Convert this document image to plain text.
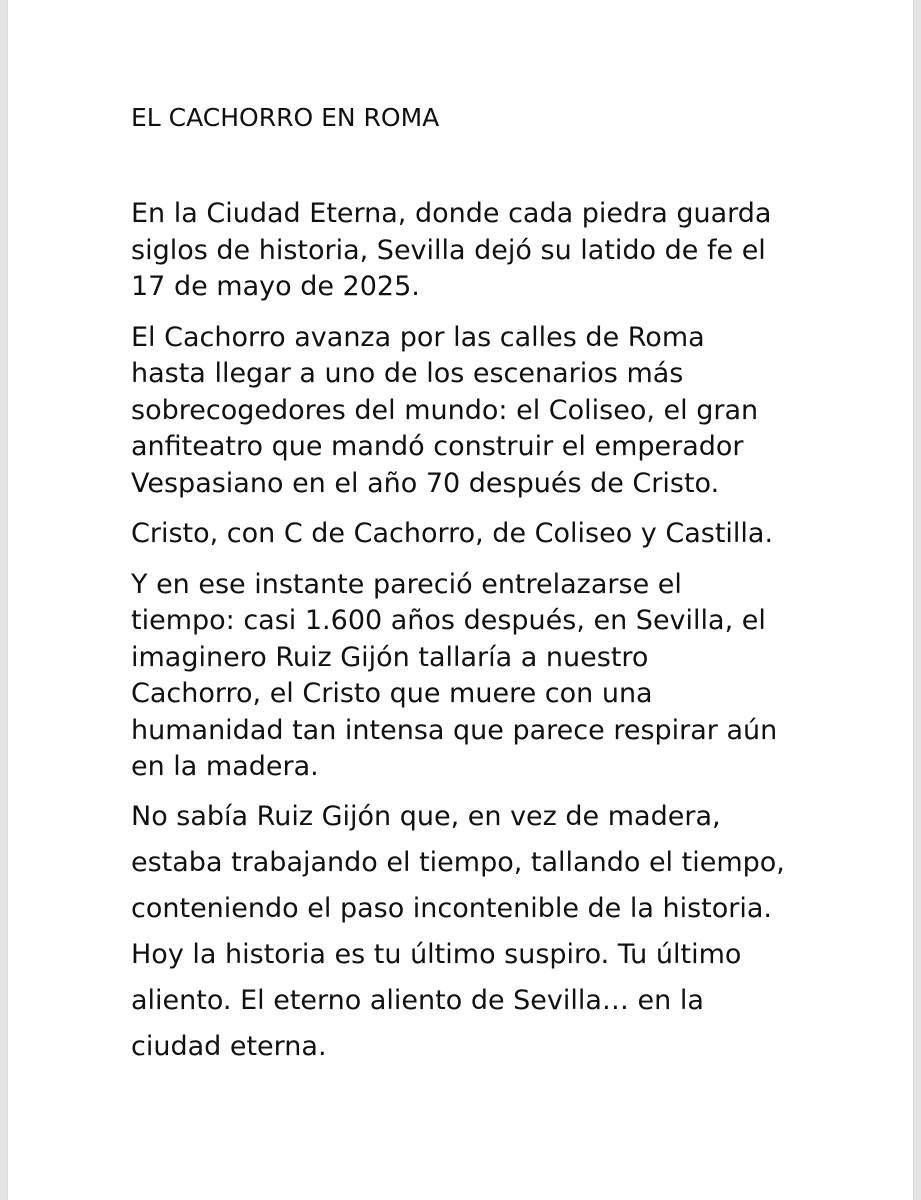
EL CACHORRO EN ROMA

En la Ciudad Eterna, donde cada piedra guarda
siglos de historia, Sevilla dejó su latido de fe el
17 de mayo de 2025.

El Cachorro avanza por las calles de Roma
hasta llegar a uno de los escenarios más
sobrecogedores del mundo: el Coliseo, el gran
anfiteatro que mandó construir el emperador
Vespasiano en el año 70 después de Cristo.

Cristo, con C de Cachorro, de Coliseo y Castilla.

Y en ese instante pareció entrelazarse el
tiempo: casi 1.600 años después, en Sevilla, el
imaginero Ruiz Gijón tallaría a nuestro
Cachorro, el Cristo que muere con una
humanidad tan intensa que parece respirar aún
en la madera.

No sabía Ruiz Gijón que, en vez de madera,
estaba trabajando el tiempo, tallando el tiempo,
conteniendo el paso incontenible de la historia.
Hoy la historia es tu último suspiro. Tu último
aliento. El eterno aliento de Sevilla… en la
ciudad eterna.
